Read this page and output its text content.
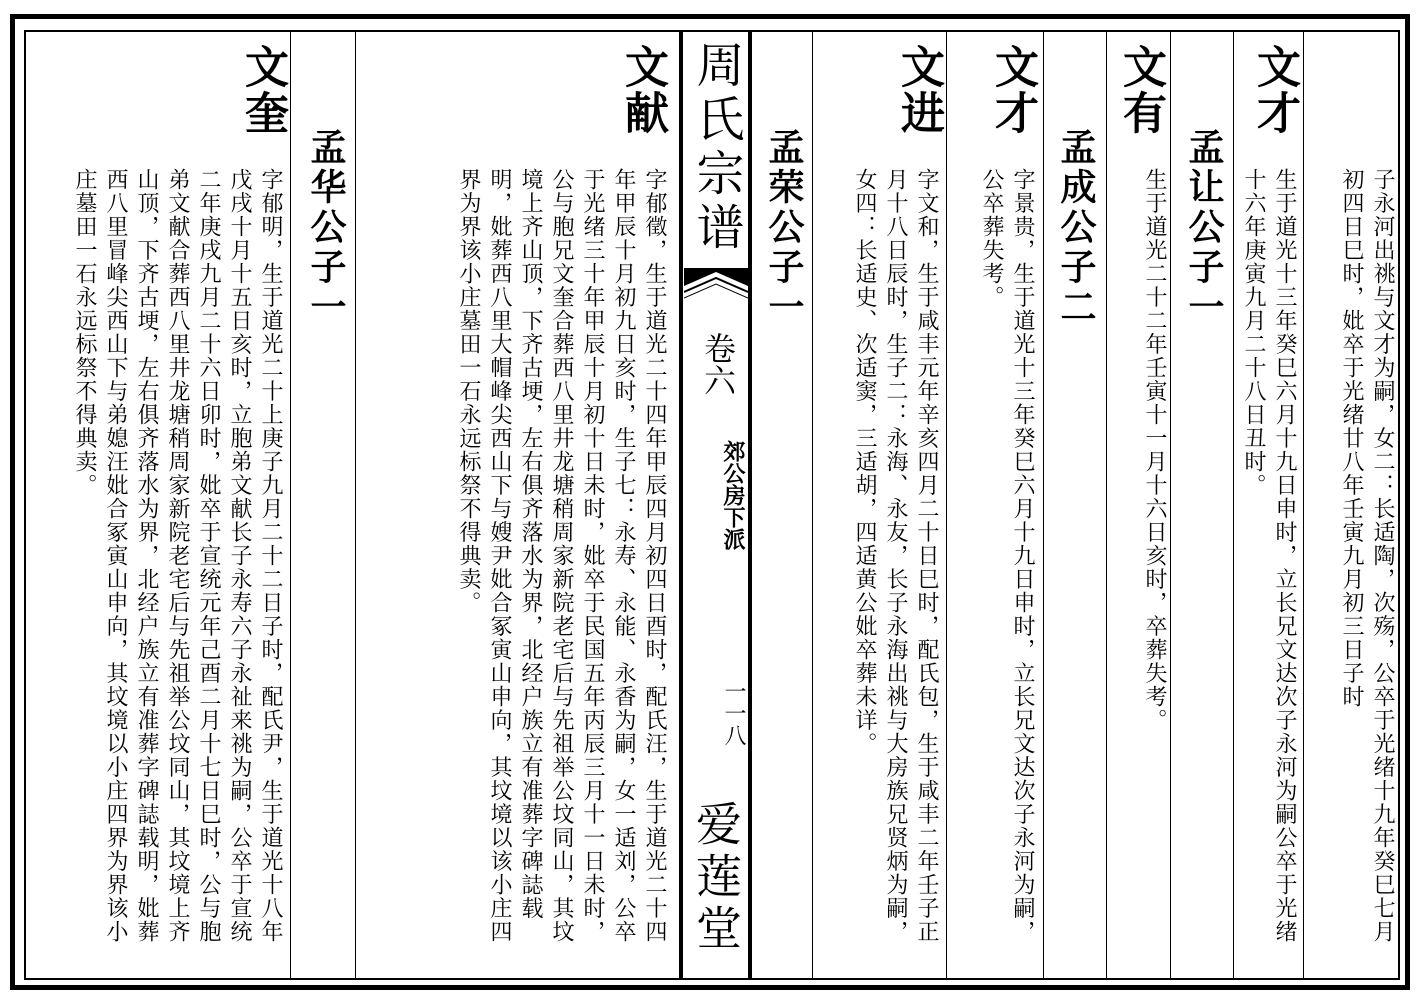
子永河出祧与文才为嗣，女二：长适陶，次殇，公卒于光绪十九年癸巳七月初四日巳时，妣卒于光绪廿八年壬寅九月初三日子时
文才
生于道光十三年癸巳六月十九日申时，立长兄文达次子永河为嗣公卒于光绪十六年庚寅九月二十八日丑时。
孟让公子一
文有
生于道光二十二年壬寅十一月十六日亥时，卒葬失考。
孟成公子二
文才
字景贵，生于道光十三年癸巳六月十九日申时，立长兄文达次子永河为嗣，公卒葬失考。
文进
字文和，生于咸丰元年辛亥四月二十日巳时，配氏包，生于咸丰二年壬子正月十八日辰时，生子二：永海、永友，长子永海出祧与大房族兄贤炳为嗣，女四：长适史、次适窦，三适胡，四适黄公妣卒葬未详。
孟荣公子一
周氏宗谱
卷六
郊公房下派
一一八
爱莲堂
文献
字郁徵，生于道光二十四年甲辰四月初四日酉时，配氏汪，生于道光二十四年甲辰十月初九日亥时，生子七：永寿、永能、永香为嗣，女一适刘，公卒于光绪三十年甲辰十月初十日未时，妣卒于民国五年丙辰三月十一日未时，公与胞兄文奎合葬西八里井龙塘稍周家新院老宅后与先祖举公坟同山，其坟境上齐山顶，下齐古埂，左右俱齐落水为界，北经户族立有准葬字碑誌载明，妣葬西八里大帽峰尖西山下与嫂尹妣合冢寅山申向，其坟境以该小庄四界为界该小庄墓田一石永远标祭不得典卖。
孟华公子一
文奎
字郁明，生于道光二十上庚子九月二十二日子时，配氏尹，生于道光十八年戊戌十月十五日亥时，立胞弟文献长子永寿六子永祉来祧为嗣，公卒于宣统二年庚戌九月二十六日卯时，妣卒于宣统元年己酉二月十七日巳时，公与胞弟文献合葬西八里井龙塘稍周家新院老宅后与先祖举公坟同山，其坟境上齐山顶，下齐古埂，左右俱齐落水为界，北经户族立有准葬字碑誌载明，妣葬西八里冒峰尖西山下与弟媳汪妣合冢寅山申向，其坟境以小庄四界为界该小庄墓田一石永远标祭不得典卖。
